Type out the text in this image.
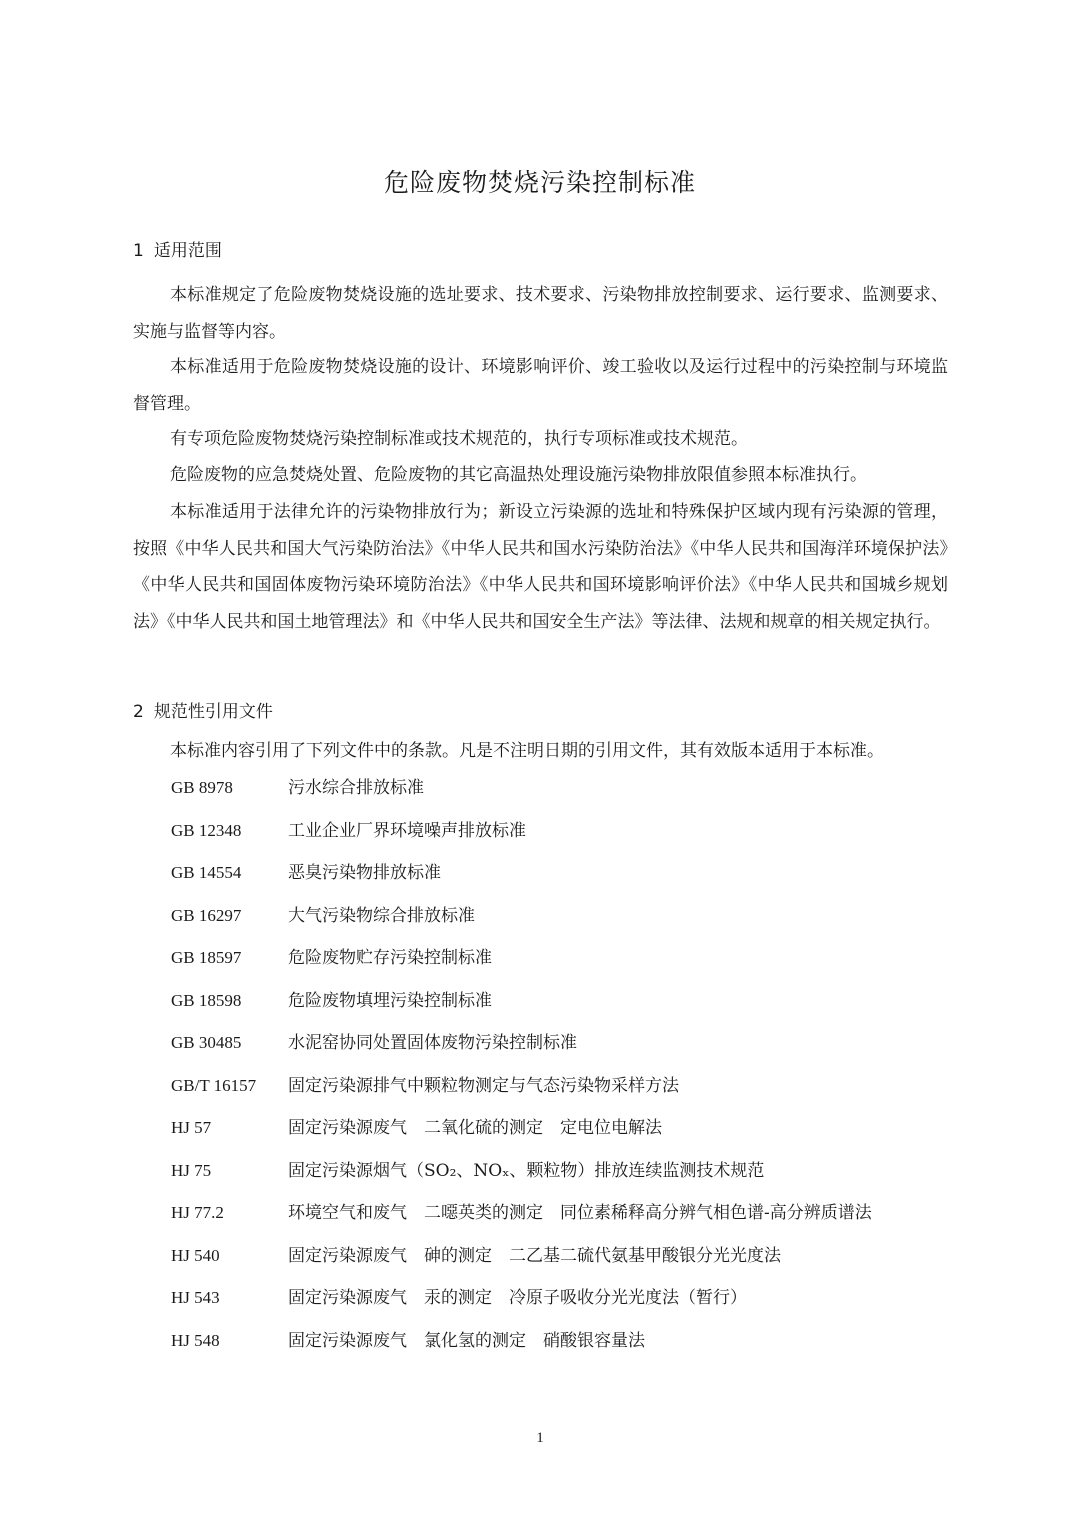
危险废物焚烧污染控制标准
1 适用范围

本标准规定了危险废物焚烧设施的选址要求、技术要求、污染物排放控制要求、运行要求、监测要求、实施与监督等内容。

本标准适用于危险废物焚烧设施的设计、环境影响评价、竣工验收以及运行过程中的污染控制与环境监督管理。

有专项危险废物焚烧污染控制标准或技术规范的，执行专项标准或技术规范。

危险废物的应急焚烧处置、危险废物的其它高温热处理设施污染物排放限值参照本标准执行。

本标准适用于法律允许的污染物排放行为；新设立污染源的选址和特殊保护区域内现有污染源的管理，按照《中华人民共和国大气污染防治法》《中华人民共和国水污染防治法》《中华人民共和国海洋环境保护法》《中华人民共和国固体废物污染环境防治法》《中华人民共和国环境影响评价法》《中华人民共和国城乡规划法》《中华人民共和国土地管理法》和《中华人民共和国安全生产法》等法律、法规和规章的相关规定执行。

2 规范性引用文件

本标准内容引用了下列文件中的条款。凡是不注明日期的引用文件，其有效版本适用于本标准。

GB 8978	污水综合排放标准
GB 12348	工业企业厂界环境噪声排放标准
GB 14554	恶臭污染物排放标准
GB 16297	大气污染物综合排放标准
GB 18597	危险废物贮存污染控制标准
GB 18598	危险废物填埋污染控制标准
GB 30485	水泥窑协同处置固体废物污染控制标准
GB/T 16157	固定污染源排气中颗粒物测定与气态污染物采样方法
HJ 57	固定污染源废气　二氧化硫的测定　定电位电解法
HJ 75	固定污染源烟气（SO₂、NOₓ、颗粒物）排放连续监测技术规范
HJ 77.2	环境空气和废气　二噁英类的测定　同位素稀释高分辨气相色谱-高分辨质谱法
HJ 540	固定污染源废气　砷的测定　二乙基二硫代氨基甲酸银分光光度法
HJ 543	固定污染源废气　汞的测定　冷原子吸收分光光度法（暂行）
HJ 548	固定污染源废气　氯化氢的测定　硝酸银容量法
1
